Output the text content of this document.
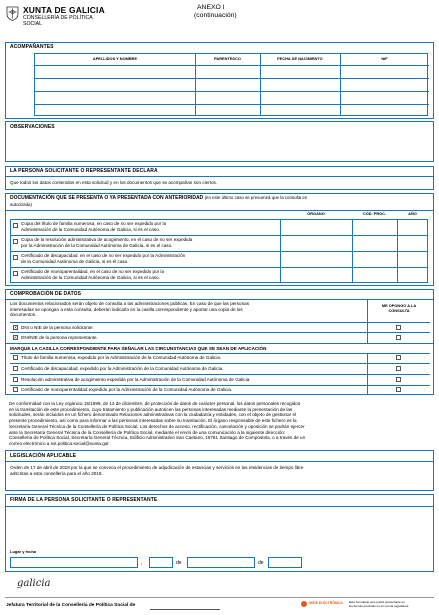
XUNTA DE GALICIA
CONSELLERÍA DE POLÍTICA
SOCIAL
ANEXO I
(continuación)
ACOMPAÑANTES
APELLIDOS Y NOMBRE	PARENTESCO	FECHA DE NACIMIENTO	NIF
OBSERVACIONES
LA PERSONA SOLICITANTE O REPRESENTANTE DECLARA
Que todos los datos contenidos en esta solicitud y en los documentos que se acompañan son ciertos.
DOCUMENTACIÓN QUE SE PRESENTA O YA PRESENTADA CON ANTERIORIDAD (en este último caso se presumirá que la consulta es
autorizada)
ÓRGANO	CÓD. PROC.	AÑO
Copia del título de familia numerosa, en caso de no ser expedido por la
Administración de la Comunidad Autónoma de Galicia, si es el caso.
Copia de la resolución administrativa de acogimiento, en el caso de no ser expedida
por la Administración de la Comunidad Autónoma de Galicia, si es el caso.
Certificado de discapacidad, en el caso de no ser expedido por la Administración
de la Comunidad Autónoma de Galicia, si es el caso.
Certificado de monoparentalidad, en el caso de no ser expedido por la
Administración de la Comunidad Autónoma de Galicia, si es el caso.
COMPROBACIÓN DE DATOS
Los documentos relacionados serán objeto de consulta a las administraciones públicas. En caso de que las personas
interesadas se opongan a esta consulta, deberán indicarlo en la casilla correspondiente y aportar una copia de los
documentos.
ME OPONGO A LA
CONSULTA
× DNI o NIE de la persona solicitante.
× DNI/NIE de la persona representante.
MARQUE LA CASILLA CORRESPONDIENTE PARA SEÑALAR LAS CIRCUNSTANCIAS QUE SE SEAN DE APLICACIÓN
Título de familia numerosa, expedido por la Administración de la Comunidad Autónoma de Galicia.
Certificado de discapacidad, expedido por la Administración de la Comunidad Autónoma de Galicia.
Resolución administrativa de acogimiento expedida por la Administración de la Comunidad Autónoma de Galicia.
Certificado de monoparentalidad expedido por la Administración de la Comunidad Autónoma de Galicia.
De conformidad con la Ley orgánica 15/1999, de 13 de diciembre, de protección de datos de carácter personal, los datos personales recogidos
en la tramitación de este procedimiento, cuyo tratamiento y publicación autoricen las personas interesadas mediante la presentación de las
solicitudes, serán incluidos en un fichero denominado Relaciones administrativas con la ciudadanía y entidades, con el objeto de gestionar el
presente procedimiento, así como para informar a las personas interesadas sobre su tramitación. El órgano responsable de este fichero es la
Secretaría General Técnica de la Consellería de Política Social. Los derechos de acceso, rectificación, cancelación y oposición se podrán ejercer
ante la Secretaría General Técnica de la Consellería de Política Social, mediante el envío de una comunicación a la siguiente dirección:
Consellería de Política Social, Secretaría General Técnica, Edificio Administrativo San Caetano, 15781 Santiago de Compostela, o a través de un
correo electrónico a sxt.politica.social@xunta.gal
LEGISLACIÓN APLICABLE
Orden de 17 de abril de 2018 por la que se convoca el procedimiento de adjudicación de estancias y servicios en las residencias de tiempo libre
adscritas a esta consellería para el año 2018.
FIRMA DE LA PERSONA SOLICITANTE O REPRESENTANTE
Lugar y fecha
,	de	de
galicia
Jefatura Territorial de la Consellería de Política Social de	SEDE ELECTRÓNICA Este formulario solo podrá presentarse en
las formas previstas en su norma reguladora
